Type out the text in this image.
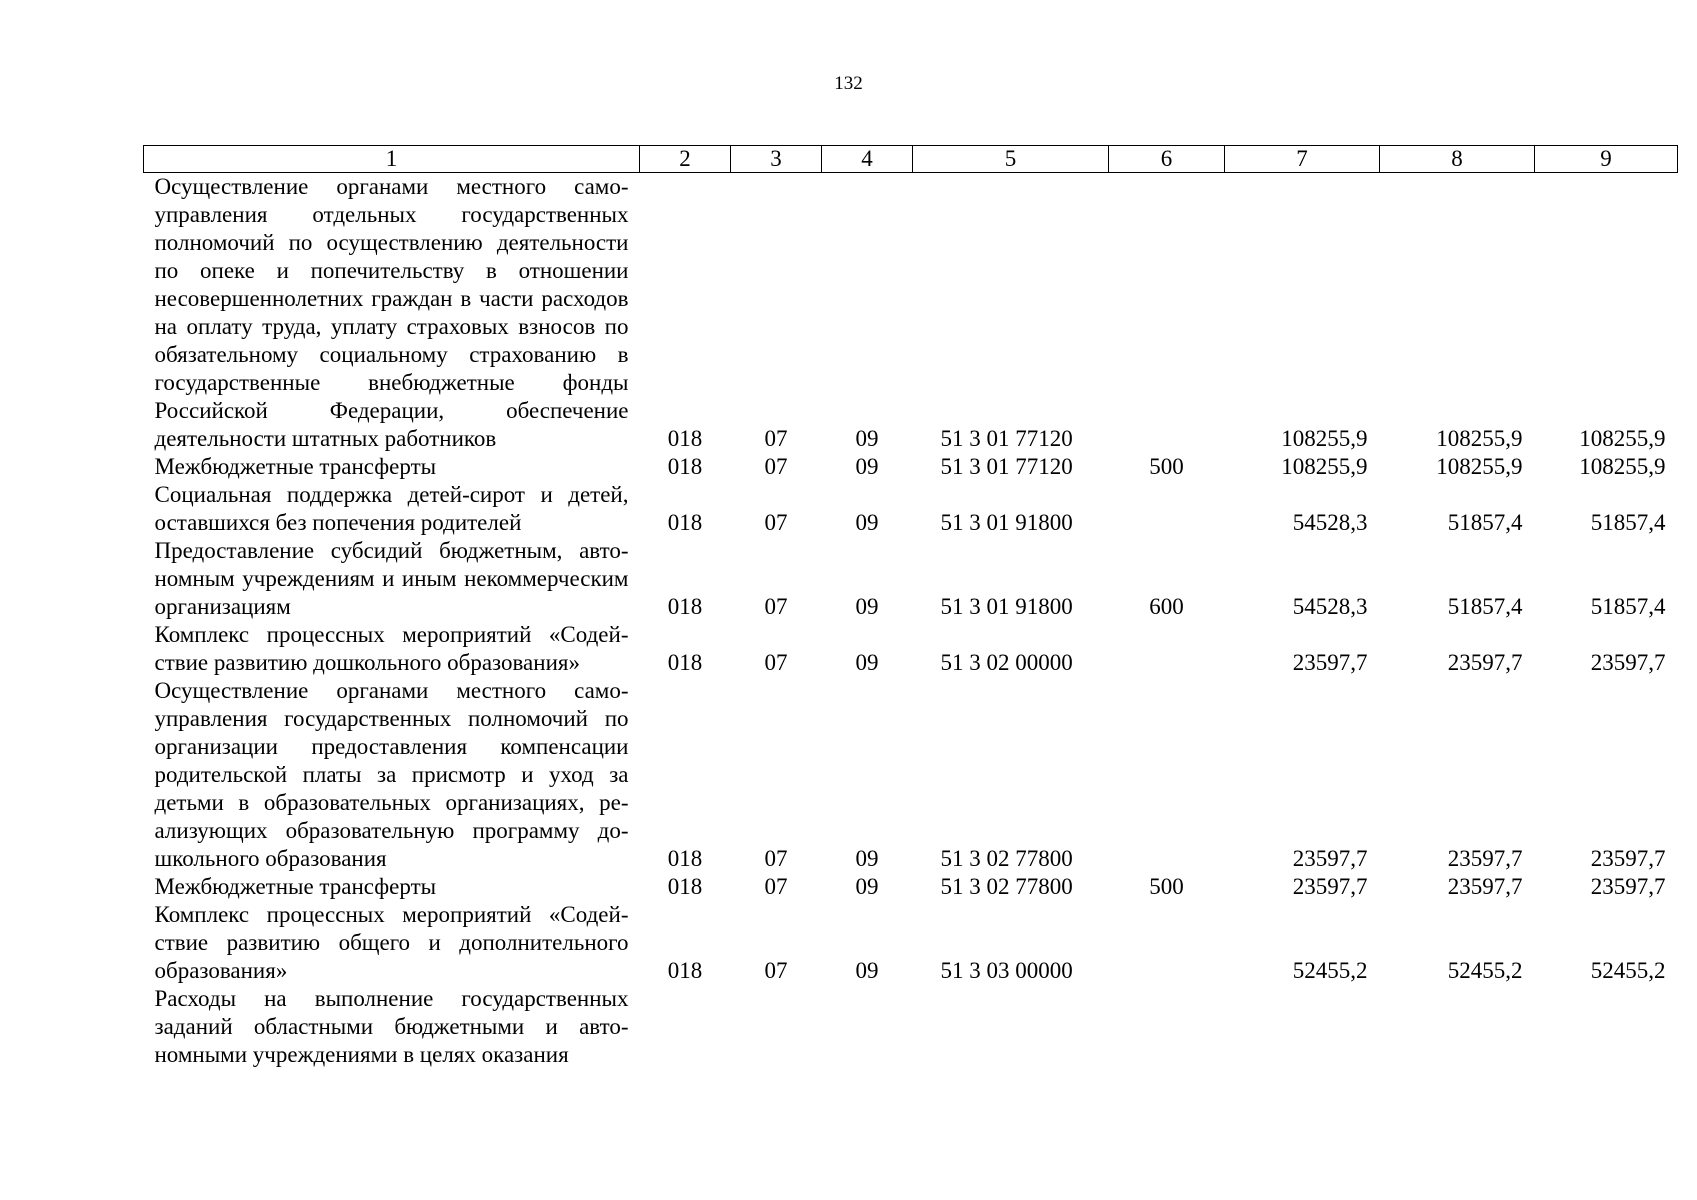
132
1	2	3	4	5	6	7	8	9
Осуществление органами местного самоуправления отдельных государственных полномочий по осуществлению деятельности по опеке и попечительству в отношении несовершеннолетних граждан в части расходов на оплату труда, уплату страховых взносов по обязательному социальному страхованию в государственные внебюджетные фонды Российской Федерации, обеспечение деятельности штатных работников	018	07	09	51 3 01 77120		108255,9	108255,9	108255,9
Межбюджетные трансферты	018	07	09	51 3 01 77120	500	108255,9	108255,9	108255,9
Социальная поддержка детей-сирот и детей, оставшихся без попечения родителей	018	07	09	51 3 01 91800		54528,3	51857,4	51857,4
Предоставление субсидий бюджетным, автономным учреждениям и иным некоммерческим организациям	018	07	09	51 3 01 91800	600	54528,3	51857,4	51857,4
Комплекс процессных мероприятий «Содействие развитию дошкольного образования»	018	07	09	51 3 02 00000		23597,7	23597,7	23597,7
Осуществление органами местного самоуправления государственных полномочий по организации предоставления компенсации родительской платы за присмотр и уход за детьми в образовательных организациях, реализующих образовательную программу дошкольного образования	018	07	09	51 3 02 77800		23597,7	23597,7	23597,7
Межбюджетные трансферты	018	07	09	51 3 02 77800	500	23597,7	23597,7	23597,7
Комплекс процессных мероприятий «Содействие развитию общего и дополнительного образования»	018	07	09	51 3 03 00000		52455,2	52455,2	52455,2
Расходы на выполнение государственных заданий областными бюджетными и автономными учреждениями в целях оказания								
